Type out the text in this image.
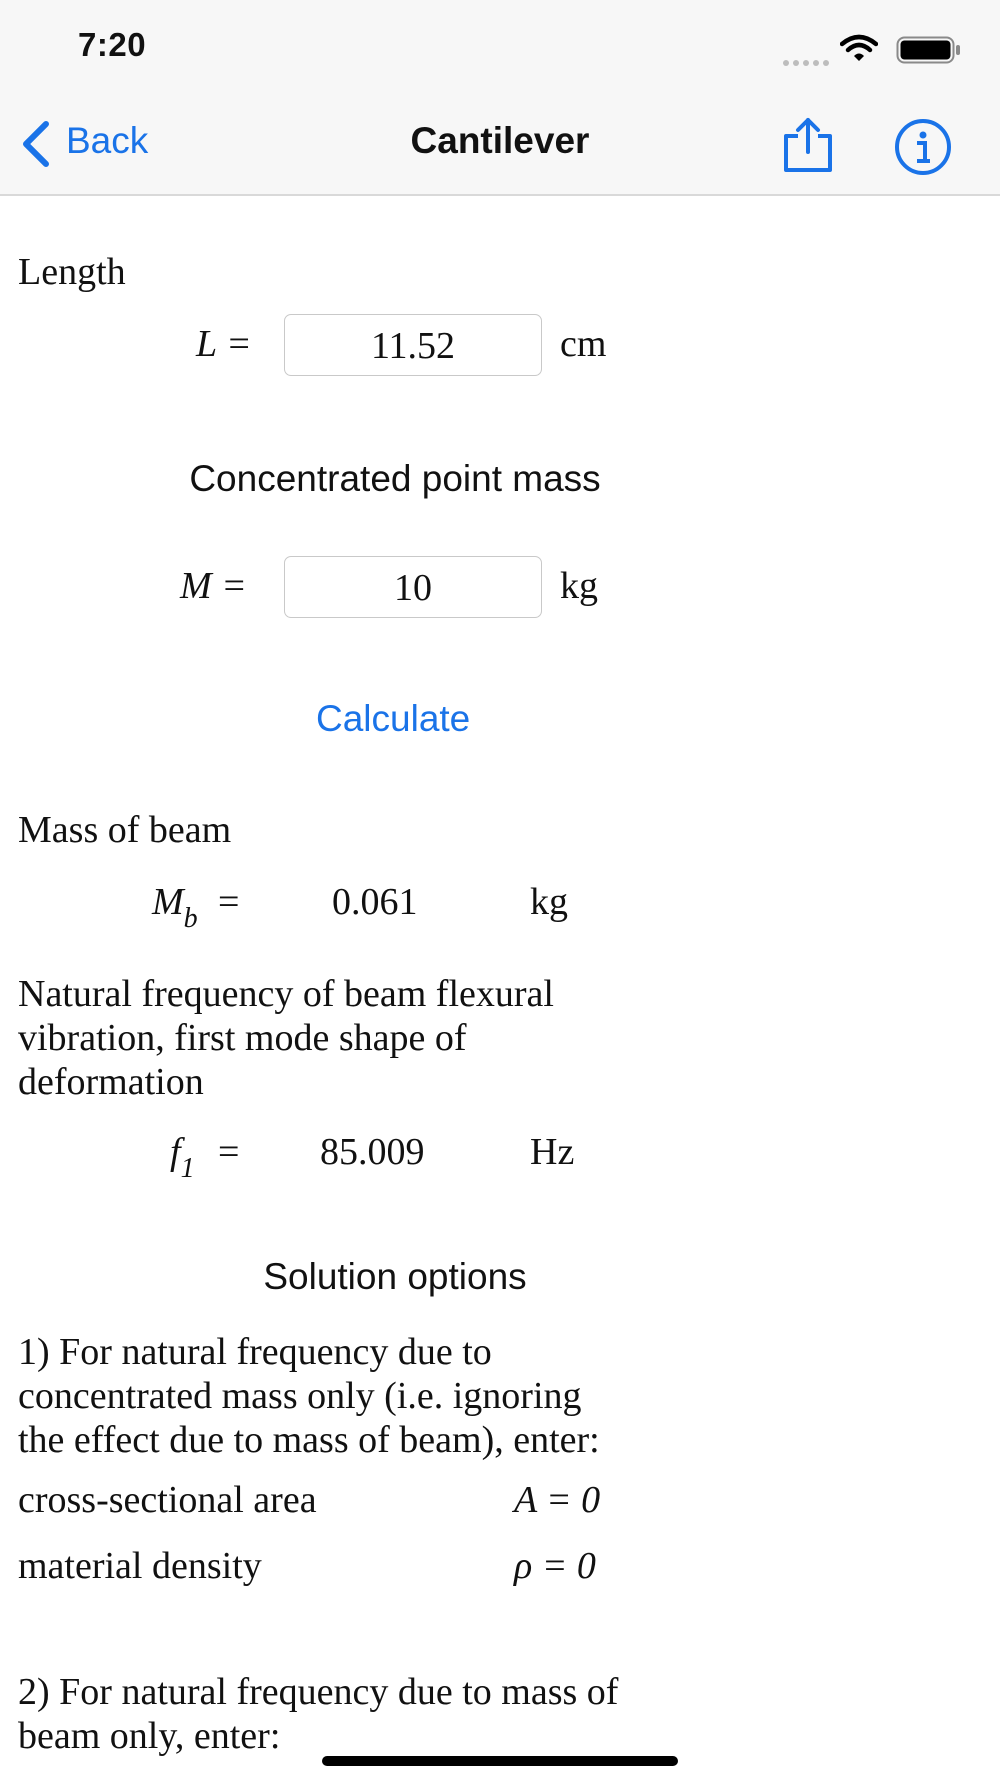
7:20
Back	Cantilever
Length
L =	11.52	cm
Concentrated point mass
M =	10	kg
Calculate
Mass of beam
$M_b = 0.061$	kg
Natural frequency of beam flexural
vibration, first mode shape of
deformation
$f_1 = 85.009$	Hz
Solution options
1) For natural frequency due to
concentrated mass only (i.e. ignoring
the effect due to mass of beam), enter:
cross-sectional area	A = 0
material density	ρ = 0
2) For natural frequency due to mass of
beam only, enter:
